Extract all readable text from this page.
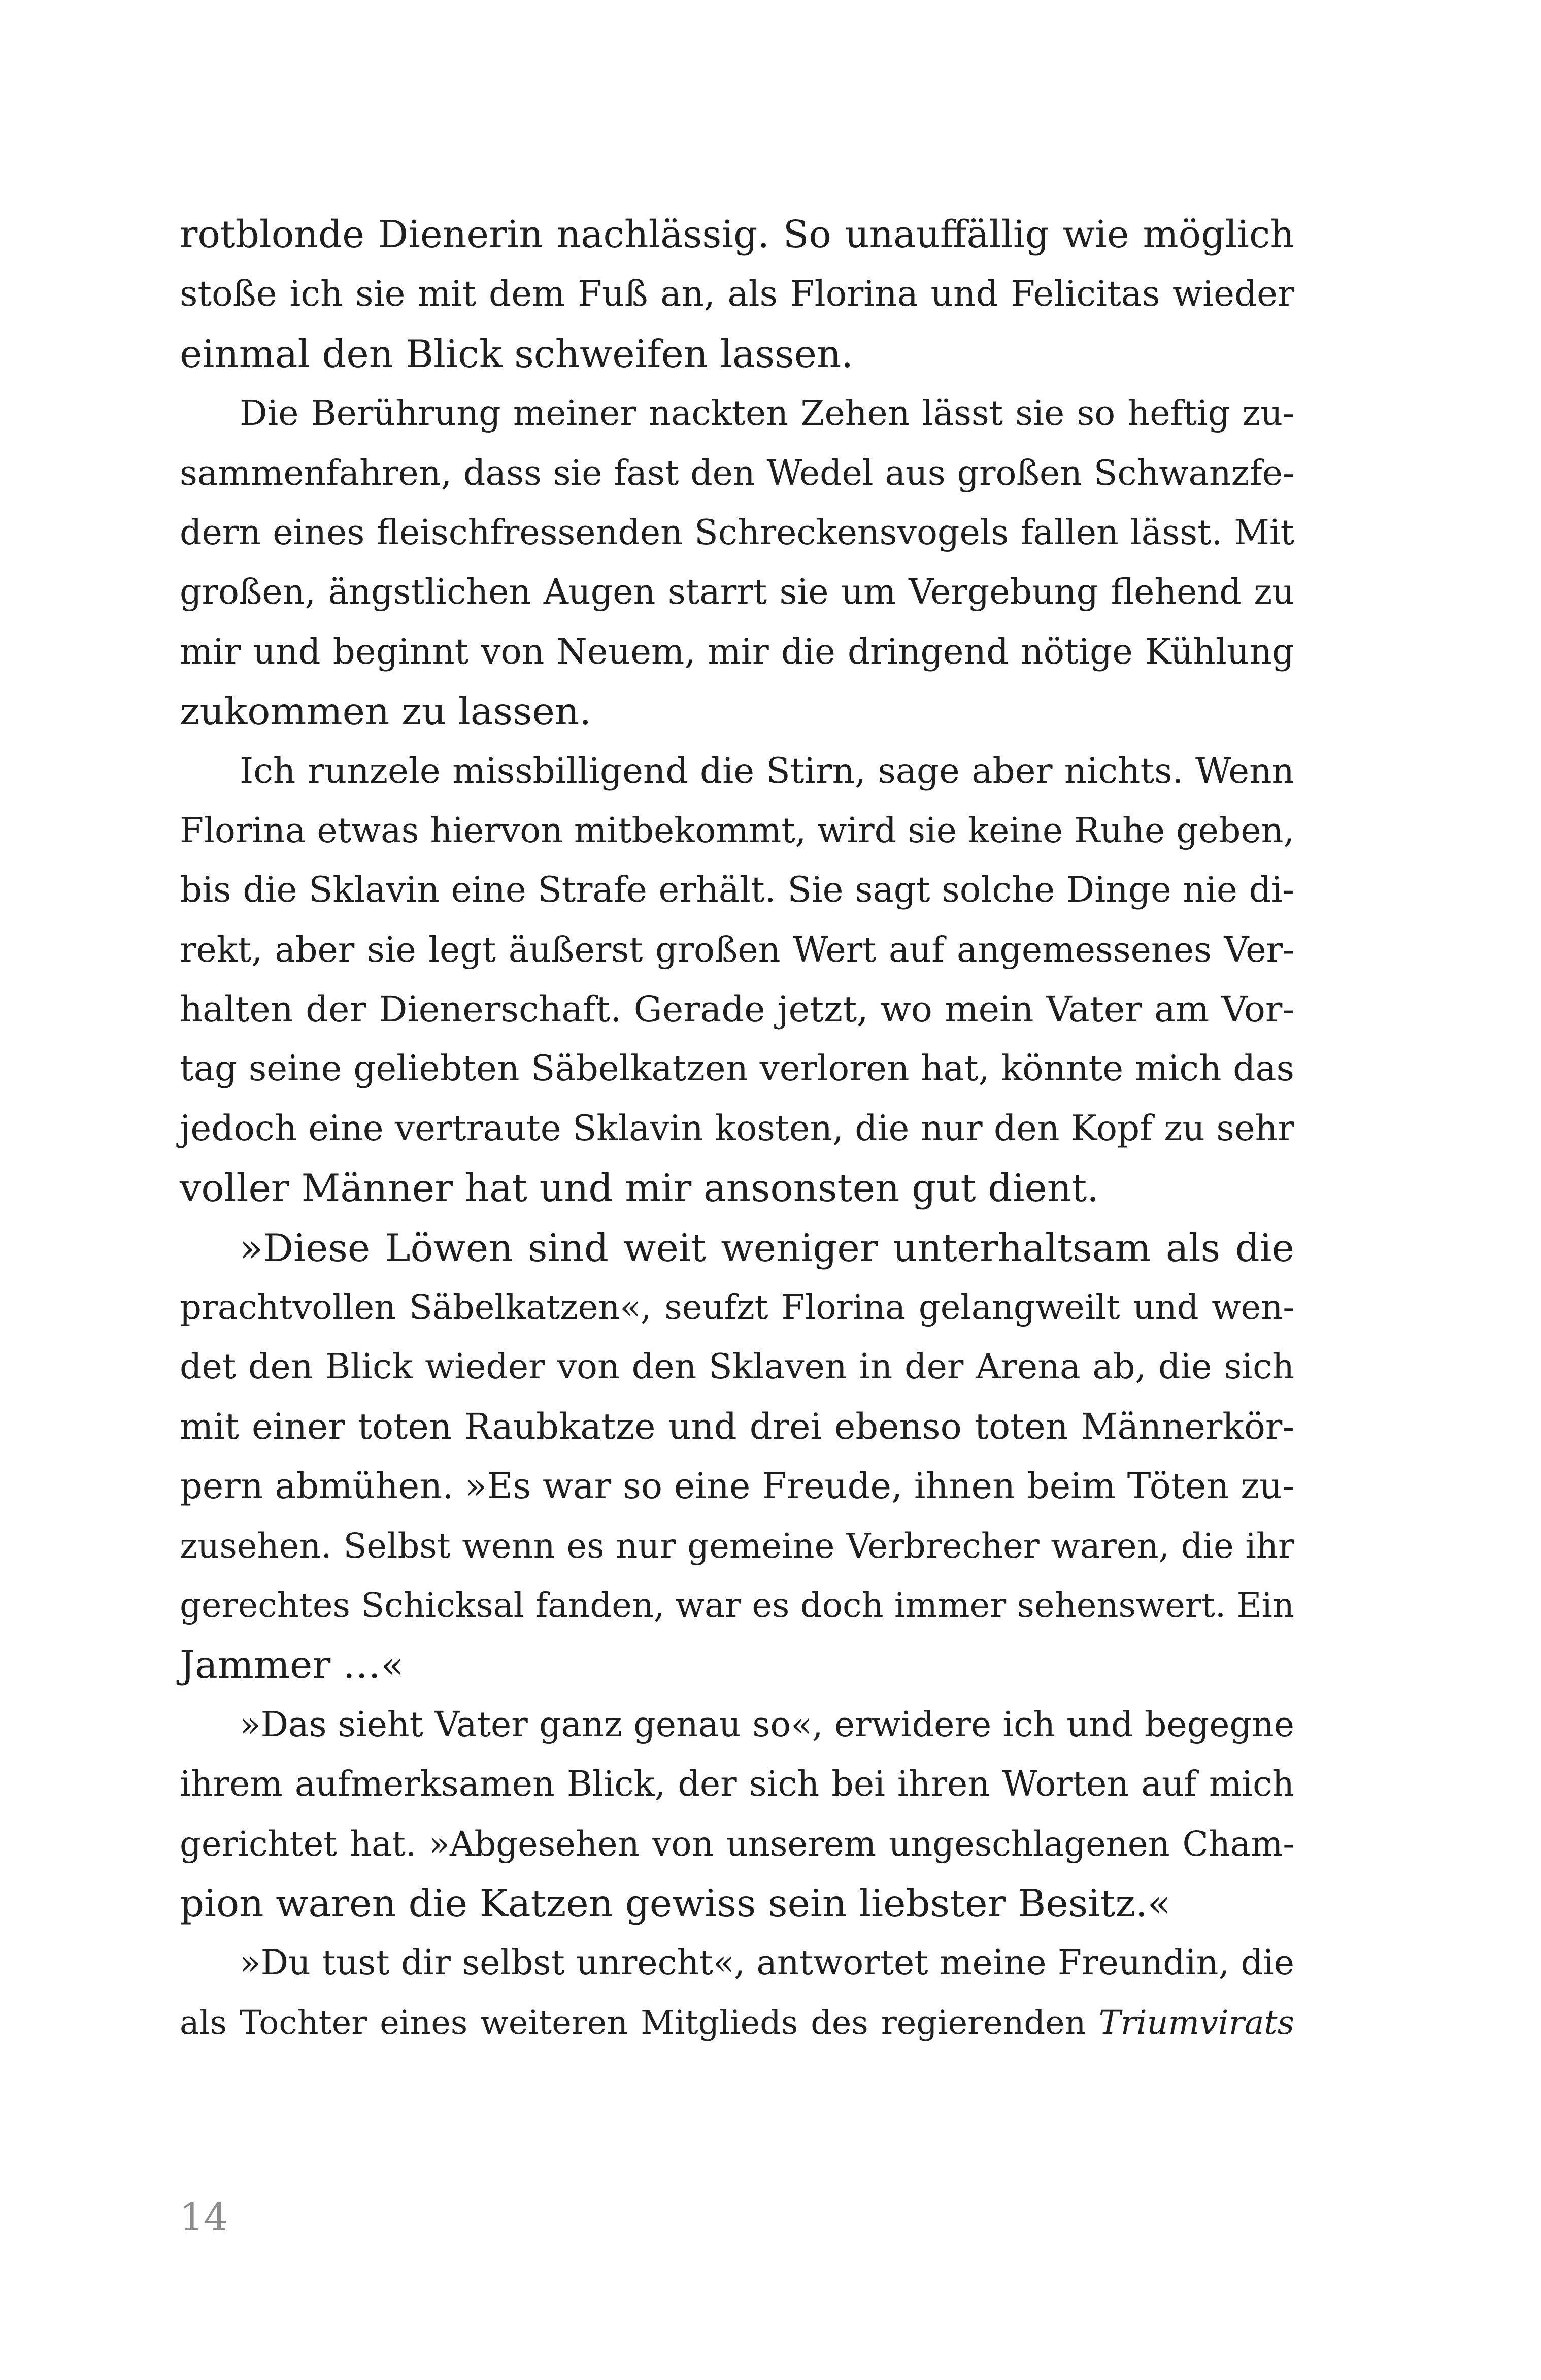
rotblonde Dienerin nachlässig. So unauffällig wie möglich
stoße ich sie mit dem Fuß an, als Florina und Felicitas wieder
einmal den Blick schweifen lassen.
Die Berührung meiner nackten Zehen lässt sie so heftig zu-
sammenfahren, dass sie fast den Wedel aus großen Schwanzfe-
dern eines fleischfressenden Schreckensvogels fallen lässt. Mit
großen, ängstlichen Augen starrt sie um Vergebung flehend zu
mir und beginnt von Neuem, mir die dringend nötige Kühlung
zukommen zu lassen.
Ich runzele missbilligend die Stirn, sage aber nichts. Wenn
Florina etwas hiervon mitbekommt, wird sie keine Ruhe geben,
bis die Sklavin eine Strafe erhält. Sie sagt solche Dinge nie di-
rekt, aber sie legt äußerst großen Wert auf angemessenes Ver-
halten der Dienerschaft. Gerade jetzt, wo mein Vater am Vor-
tag seine geliebten Säbelkatzen verloren hat, könnte mich das
jedoch eine vertraute Sklavin kosten, die nur den Kopf zu sehr
voller Männer hat und mir ansonsten gut dient.
»Diese Löwen sind weit weniger unterhaltsam als die
prachtvollen Säbelkatzen«, seufzt Florina gelangweilt und wen-
det den Blick wieder von den Sklaven in der Arena ab, die sich
mit einer toten Raubkatze und drei ebenso toten Männerkör-
pern abmühen. »Es war so eine Freude, ihnen beim Töten zu-
zusehen. Selbst wenn es nur gemeine Verbrecher waren, die ihr
gerechtes Schicksal fanden, war es doch immer sehenswert. Ein
Jammer …«
»Das sieht Vater ganz genau so«, erwidere ich und begegne
ihrem aufmerksamen Blick, der sich bei ihren Worten auf mich
gerichtet hat. »Abgesehen von unserem ungeschlagenen Cham-
pion waren die Katzen gewiss sein liebster Besitz.«
»Du tust dir selbst unrecht«, antwortet meine Freundin, die
als Tochter eines weiteren Mitglieds des regierenden Triumvirats
14
